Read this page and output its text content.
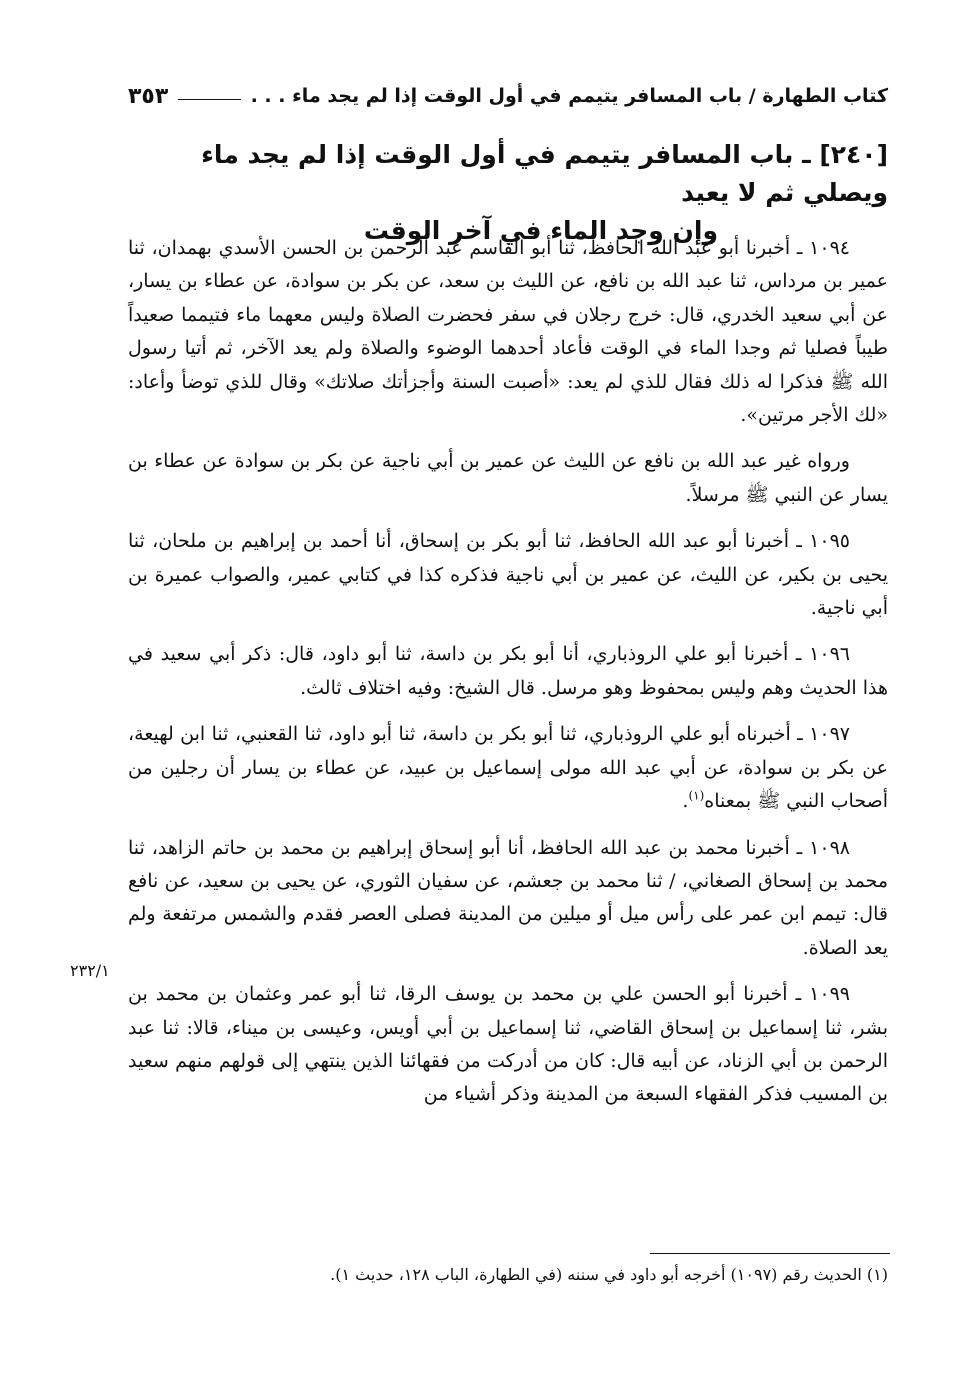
كتاب الطهارة / باب المسافر يتيمم في أول الوقت إذا لم يجد ماء . . .
٣٥٣
[٢٤٠] ـ باب المسافر يتيمم في أول الوقت إذا لم يجد ماء ويصلي ثم لا يعيد
وإن وجد الماء في آخر الوقت

١٠٩٤ ـ أخبرنا أبو عبد الله الحافظ، ثنا أبو القاسم عبد الرحمن بن الحسن الأسدي بهمدان، ثنا عمير بن مرداس، ثنا عبد الله بن نافع، عن الليث بن سعد، عن بكر بن سوادة، عن عطاء بن يسار، عن أبي سعيد الخدري، قال: خرج رجلان في سفر فحضرت الصلاة وليس معهما ماء فتيمما صعيداً طيباً فصليا ثم وجدا الماء في الوقت فأعاد أحدهما الوضوء والصلاة ولم يعد الآخر، ثم أتيا رسول الله ﷺ فذكرا له ذلك فقال للذي لم يعد: «أصبت السنة وأجزأتك صلاتك» وقال للذي توضأ وأعاد: «لك الأجر مرتين».

ورواه غير عبد الله بن نافع عن الليث عن عمير بن أبي ناجية عن بكر بن سوادة عن عطاء بن يسار عن النبي ﷺ مرسلاً.

١٠٩٥ ـ أخبرنا أبو عبد الله الحافظ، ثنا أبو بكر بن إسحاق، أنا أحمد بن إبراهيم بن ملحان، ثنا يحيى بن بكير، عن الليث، عن عمير بن أبي ناجية فذكره كذا في كتابي عمير، والصواب عميرة بن أبي ناجية.

١٠٩٦ ـ أخبرنا أبو علي الروذباري، أنا أبو بكر بن داسة، ثنا أبو داود، قال: ذكر أبي سعيد في هذا الحديث وهم وليس بمحفوظ وهو مرسل. قال الشيخ: وفيه اختلاف ثالث.

١٠٩٧ ـ أخبرناه أبو علي الروذباري، ثنا أبو بكر بن داسة، ثنا أبو داود، ثنا القعنبي، ثنا ابن لهيعة، عن بكر بن سوادة، عن أبي عبد الله مولى إسماعيل بن عبيد، عن عطاء بن يسار أن رجلين من أصحاب النبي ﷺ بمعناه$^{(١)}$.

١٠٩٨ ـ أخبرنا محمد بن عبد الله الحافظ، أنا أبو إسحاق إبراهيم بن محمد بن حاتم الزاهد، ثنا محمد بن إسحاق الصغاني، / ثنا محمد بن جعشم، عن سفيان الثوري، عن يحيى بن سعيد، عن نافع قال: تيمم ابن عمر على رأس ميل أو ميلين من المدينة فصلى العصر فقدم والشمس مرتفعة ولم يعد الصلاة.

١٠٩٩ ـ أخبرنا أبو الحسن علي بن محمد بن يوسف الرقا، ثنا أبو عمر وعثمان بن محمد بن بشر، ثنا إسماعيل بن إسحاق القاضي، ثنا إسماعيل بن أبي أويس، وعيسى بن ميناء، قالا: ثنا عبد الرحمن بن أبي الزناد، عن أبيه قال: كان من أدركت من فقهائنا الذين ينتهي إلى قولهم منهم سعيد بن المسيب فذكر الفقهاء السبعة من المدينة وذكر أشياء من

٢٣٢/١
(١) الحديث رقم (١٠٩٧) أخرجه أبو داود في سننه (في الطهارة، الباب ١٢٨، حديث ١).
